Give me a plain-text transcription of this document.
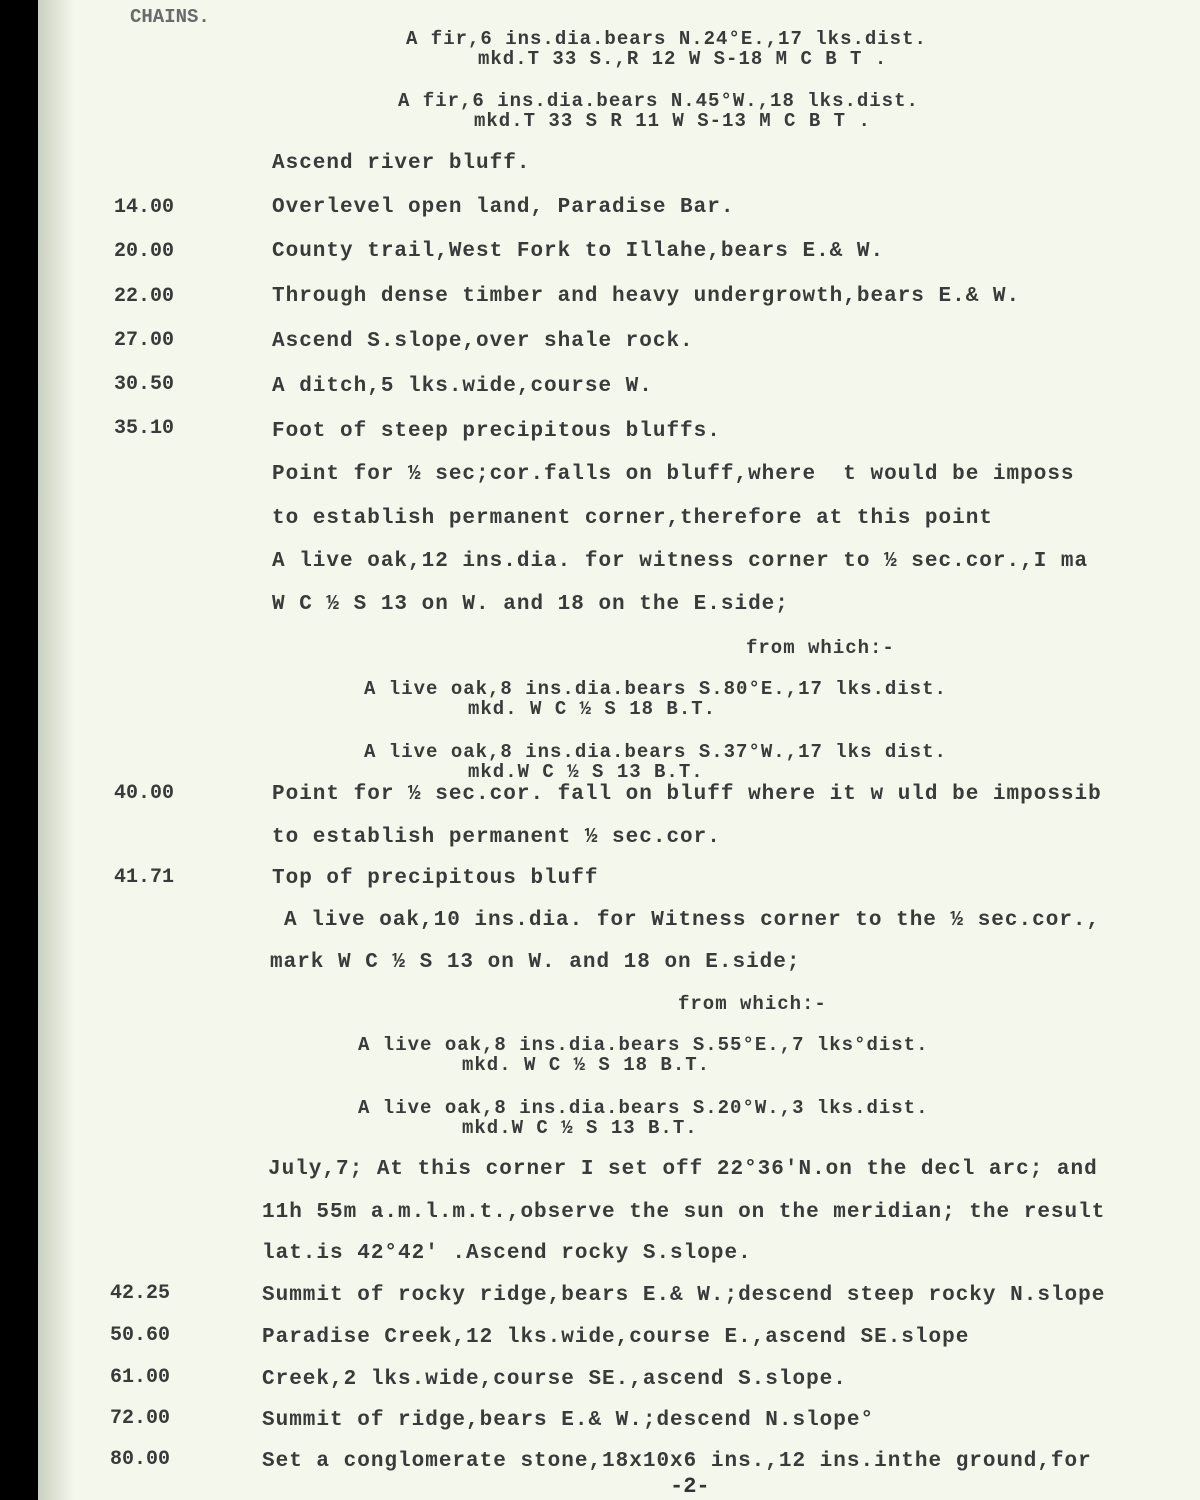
CHAINS.
A fir,6 ins.dia.bears N.24°E.,17 lks.dist.
mkd.T 33 S.,R 12 W S-18 M C B T .
A fir,6 ins.dia.bears N.45°W.,18 lks.dist.
mkd.T 33 S R 11 W S-13 M C B T .
Ascend river bluff.
14.00	Overlevel open land, Paradise Bar.
20.00	County trail,West Fork to Illahe,bears E.& W.
22.00	Through dense timber and heavy undergrowth,bears E.& W.
27.00	Ascend S.slope,over shale rock.
30.50	A ditch,5 lks.wide,course W.
35.10	Foot of steep precipitous bluffs.
Point for ½ sec;cor.falls on bluff,where  t would be imposs
to establish permanent corner,therefore at this point
A live oak,12 ins.dia. for witness corner to ½ sec.cor.,I ma
W C ½ S 13 on W. and 18 on the E.side;
from which:-
A live oak,8 ins.dia.bears S.80°E.,17 lks.dist.
mkd. W C ½ S 18 B.T.
A live oak,8 ins.dia.bears S.37°W.,17 lks dist.
mkd.W C ½ S 13 B.T.
40.00	Point for ½ sec.cor. fall on bluff where it w uld be impossib
to establish permanent ½ sec.cor.
41.71	Top of precipitous bluff
A live oak,10 ins.dia. for Witness corner to the ½ sec.cor.,
mark W C ½ S 13 on W. and 18 on E.side;
from which:-
A live oak,8 ins.dia.bears S.55°E.,7 lks°dist.
mkd. W C ½ S 18 B.T.
A live oak,8 ins.dia.bears S.20°W.,3 lks.dist.
mkd.W C ½ S 13 B.T.
July,7; At this corner I set off 22°36'N.on the decl arc; and
11h 55m a.m.l.m.t.,observe the sun on the meridian; the result
lat.is 42°42' .Ascend rocky S.slope.
42.25	Summit of rocky ridge,bears E.& W.;descend steep rocky N.slope
50.60	Paradise Creek,12 lks.wide,course E.,ascend SE.slope
61.00	Creek,2 lks.wide,course SE.,ascend S.slope.
72.00	Summit of ridge,bears E.& W.;descend N.slope°
80.00	Set a conglomerate stone,18x10x6 ins.,12 ins.inthe ground,for
-2-
